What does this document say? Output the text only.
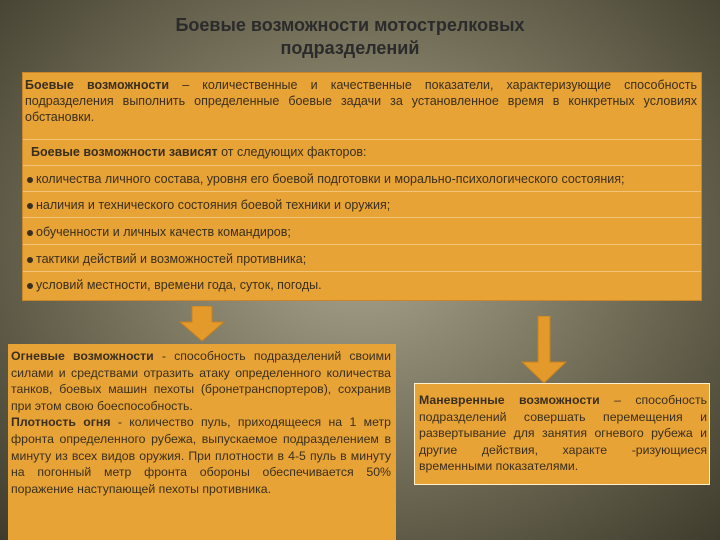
Боевые возможности мотострелковых подразделений
Боевые возможности – количественные и качественные показатели, характеризующие способность подразделения выполнить определенные боевые задачи за установленное время в конкретных условиях обстановки.
Боевые возможности зависят от следующих факторов:
количества личного состава, уровня его боевой подготовки и морально-психологического состояния;
наличия и технического состояния боевой техники и оружия;
обученности и личных качеств командиров;
тактики действий и возможностей противника;
условий местности, времени года, суток, погоды.
Огневые возможности - способность подразделений своими силами и средствами отразить атаку определенного количества танков, боевых машин пехоты (бронетранспортеров), сохранив при этом свою боеспособность.
Плотность огня - количество пуль, приходящееся на 1 метр фронта определенного рубежа, выпускаемое подразделением в минуту из всех видов оружия. При плотности в 4-5 пуль в минуту на погонный метр фронта обороны обеспечивается 50% поражение наступающей пехоты противника.
Маневренные возможности – способность подразделений совершать перемещения и развертывание для занятия огневого рубежа и другие действия, характе -ризующиеся временными показателями.
